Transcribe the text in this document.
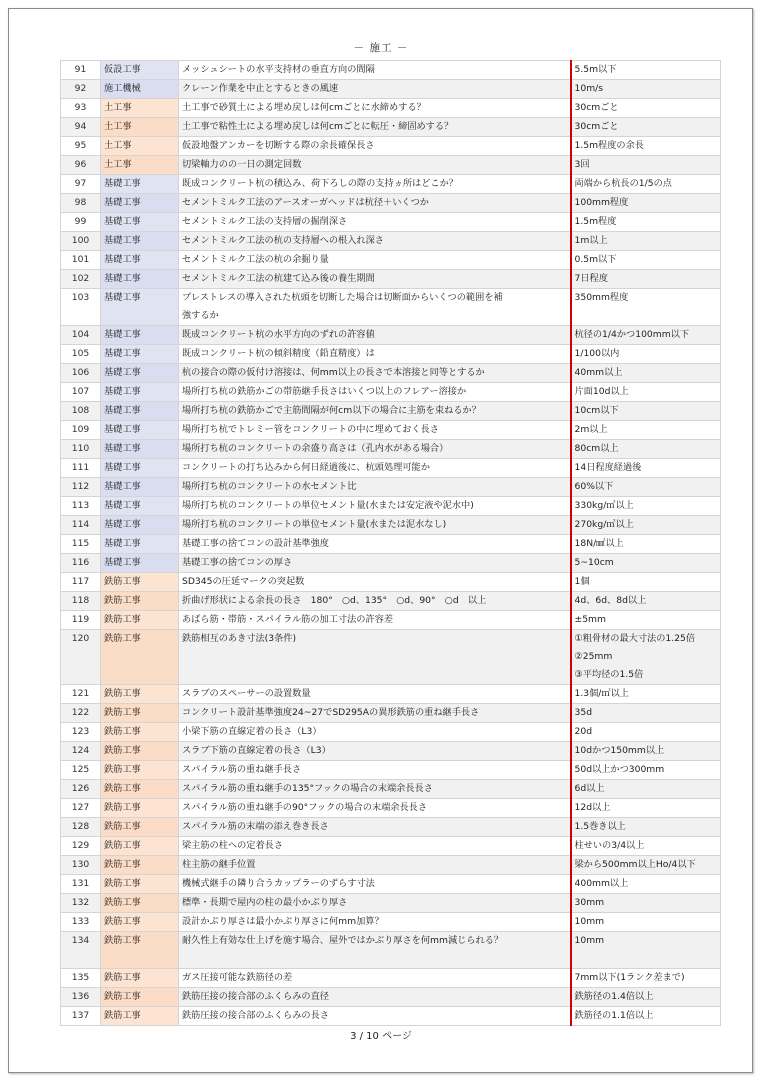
－ 施工 －
91	仮設工事	メッシュシートの水平支持材の垂直方向の間隔	5.5m以下
92	施工機械	クレーン作業を中止とするときの風速	10m/s
93	土工事	土工事で砂質土による埋め戻しは何cmごとに水締めする？	30cmごと
94	土工事	土工事で粘性土による埋め戻しは何cmごとに転圧・締固めする？	30cmごと
95	土工事	仮設地盤アンカーを切断する際の余長確保長さ	1.5m程度の余長
96	土工事	切梁軸力のの一日の測定回数	3回
97	基礎工事	既成コンクリート杭の積込み、荷下ろしの際の支持ヵ所はどこか？	両端から杭長の1/5の点
98	基礎工事	セメントミルク工法のアースオーガヘッドは杭径＋いくつか	100mm程度
99	基礎工事	セメントミルク工法の支持層の掘削深さ	1.5m程度
100	基礎工事	セメントミルク工法の杭の支持層への根入れ深さ	1m以上
101	基礎工事	セメントミルク工法の杭の余掘り量	0.5m以下
102	基礎工事	セメントミルク工法の杭建て込み後の養生期間	7日程度
103	基礎工事	プレストレスの導入された杭頭を切断した場合は切断面からいくつの範囲を補
強するか	350mm程度
104	基礎工事	既成コンクリート杭の水平方向のずれの許容値	杭径の1/4かつ100mm以下
105	基礎工事	既成コンクリート杭の傾斜精度（鉛直精度）は	1/100以内
106	基礎工事	杭の接合の際の仮付け溶接は、何mm以上の長さで本溶接と同等とするか	40mm以上
107	基礎工事	場所打ち杭の鉄筋かごの帯筋継手長さはいくつ以上のフレアー溶接か	片面10d以上
108	基礎工事	場所打ち杭の鉄筋かごで主筋間隔が何cm以下の場合に主筋を束ねるか？	10cm以下
109	基礎工事	場所打ち杭でトレミー管をコンクリートの中に埋めておく長さ	2m以上
110	基礎工事	場所打ち杭のコンクリートの余盛り高さは（孔内水がある場合）	80cm以上
111	基礎工事	コンクリートの打ち込みから何日経過後に、杭頭処理可能か	14日程度経過後
112	基礎工事	場所打ち杭のコンクリートの水セメント比	60%以下
113	基礎工事	場所打ち杭のコンクリートの単位セメント量(水または安定液や泥水中)	330kg/㎥以上
114	基礎工事	場所打ち杭のコンクリートの単位セメント量(水または泥水なし)	270kg/㎥以上
115	基礎工事	基礎工事の捨てコンの設計基準強度	18N/㎟以上
116	基礎工事	基礎工事の捨てコンの厚さ	5~10cm
117	鉄筋工事	SD345の圧延マークの突起数	1個
118	鉄筋工事	折曲げ形状による余長の長さ　180°　○d、135°　○d、90°　○d　以上	4d、6d、8d以上
119	鉄筋工事	あばら筋・帯筋・スパイラル筋の加工寸法の許容差	±5mm
120	鉄筋工事	鉄筋相互のあき寸法(3条件)	①粗骨材の最大寸法の1.25倍
②25mm
③平均径の1.5倍

121	鉄筋工事	スラブのスペーサーの設置数量	1.3個/㎡以上
122	鉄筋工事	コンクリート設計基準強度24~27でSD295Aの異形鉄筋の重ね継手長さ	35d
123	鉄筋工事	小梁下筋の直線定着の長さ（L3）	20d
124	鉄筋工事	スラブ下筋の直線定着の長さ（L3）	10dかつ150mm以上
125	鉄筋工事	スパイラル筋の重ね継手長さ	50d以上かつ300mm
126	鉄筋工事	スパイラル筋の重ね継手の135°フックの場合の末端余長長さ	6d以上
127	鉄筋工事	スパイラル筋の重ね継手の90°フックの場合の末端余長長さ	12d以上
128	鉄筋工事	スパイラル筋の末端の添え巻き長さ	1.5巻き以上
129	鉄筋工事	梁主筋の柱への定着長さ	柱せいの3/4以上
130	鉄筋工事	柱主筋の継手位置	梁から500mm以上Ho/4以下
131	鉄筋工事	機械式継手の隣り合うカップラーのずらす寸法	400mm以上
132	鉄筋工事	標準・長期で屋内の柱の最小かぶり厚さ	30mm
133	鉄筋工事	設計かぶり厚さは最小かぶり厚さに何mm加算？	10mm
134	鉄筋工事	耐久性上有効な仕上げを施す場合、屋外ではかぶり厚さを何mm減じられる？	10mm
135	鉄筋工事	ガス圧接可能な鉄筋径の差	7mm以下(1ランク差まで)
136	鉄筋工事	鉄筋圧接の接合部のふくらみの直径	鉄筋径の1.4倍以上
137	鉄筋工事	鉄筋圧接の接合部のふくらみの長さ	鉄筋径の1.1倍以上
3 / 10 ページ
